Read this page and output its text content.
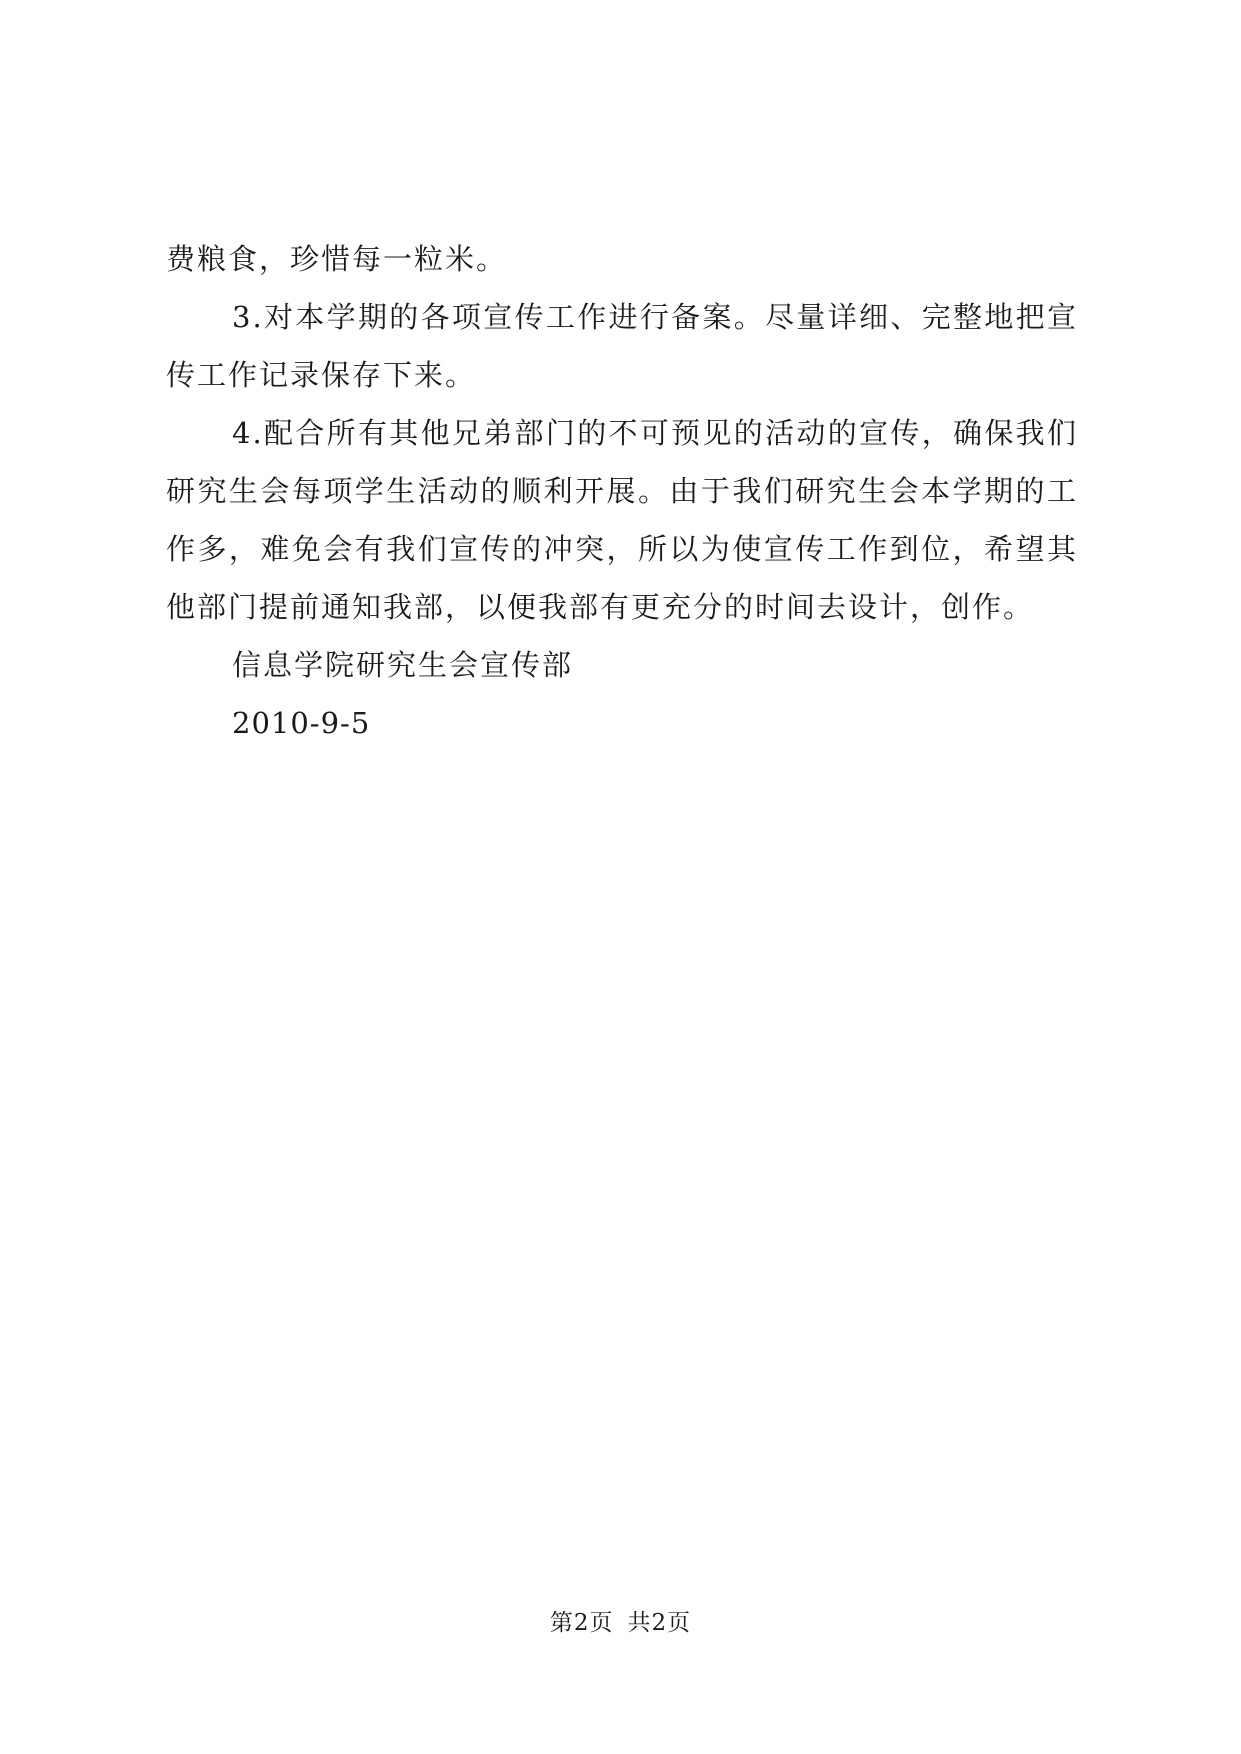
费粮食，珍惜每一粒米。

3.对本学期的各项宣传工作进行备案。尽量详细、完整地把宣传工作记录保存下来。

4.配合所有其他兄弟部门的不可预见的活动的宣传，确保我们研究生会每项学生活动的顺利开展。由于我们研究生会本学期的工作多，难免会有我们宣传的冲突，所以为使宣传工作到位，希望其他部门提前通知我部，以便我部有更充分的时间去设计，创作。

信息学院研究生会宣传部

2010-9-5

第2页 共2页
